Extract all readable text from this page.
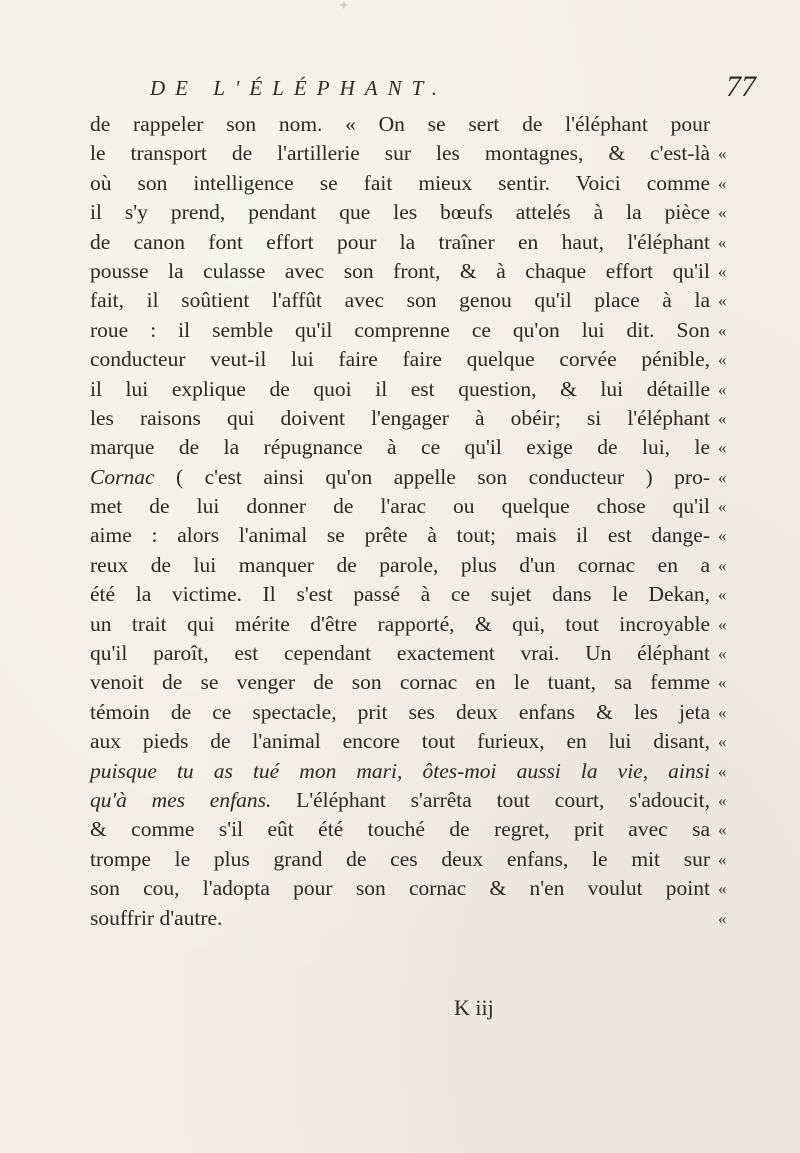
✦
DE L'ÉLÉPHANT.	77
de rappeler son nom. « On se sert de l'éléphant pour
le transport de l'artillerie sur les montagnes, & c'est-là
où son intelligence se fait mieux sentir. Voici comme
il s'y prend, pendant que les bœufs attelés à la pièce
de canon font effort pour la traîner en haut, l'éléphant
pousse la culasse avec son front, & à chaque effort qu'il
fait, il soûtient l'affût avec son genou qu'il place à la
roue : il semble qu'il comprenne ce qu'on lui dit. Son
conducteur veut-il lui faire faire quelque corvée pénible,
il lui explique de quoi il est question, & lui détaille
les raisons qui doivent l'engager à obéir; si l'éléphant
marque de la répugnance à ce qu'il exige de lui, le
Cornac ( c'est ainsi qu'on appelle son conducteur ) pro-
met de lui donner de l'arac ou quelque chose qu'il
aime : alors l'animal se prête à tout; mais il est dange-
reux de lui manquer de parole, plus d'un cornac en a
été la victime. Il s'est passé à ce sujet dans le Dekan,
un trait qui mérite d'être rapporté, & qui, tout incroyable
qu'il paroît, est cependant exactement vrai. Un éléphant
venoit de se venger de son cornac en le tuant, sa femme
témoin de ce spectacle, prit ses deux enfans & les jeta
aux pieds de l'animal encore tout furieux, en lui disant,
puisque tu as tué mon mari, ôtes-moi aussi la vie, ainsi
qu'à mes enfans. L'éléphant s'arrêta tout court, s'adoucit,
& comme s'il eût été touché de regret, prit avec sa
trompe le plus grand de ces deux enfans, le mit sur
son cou, l'adopta pour son cornac & n'en voulut point
souffrir d'autre.
«
«
«
«
«
«
«
«
«
«
«
«
«
«
«
«
«
«
«
«
«
«
«
«
«
«
«
K iij
